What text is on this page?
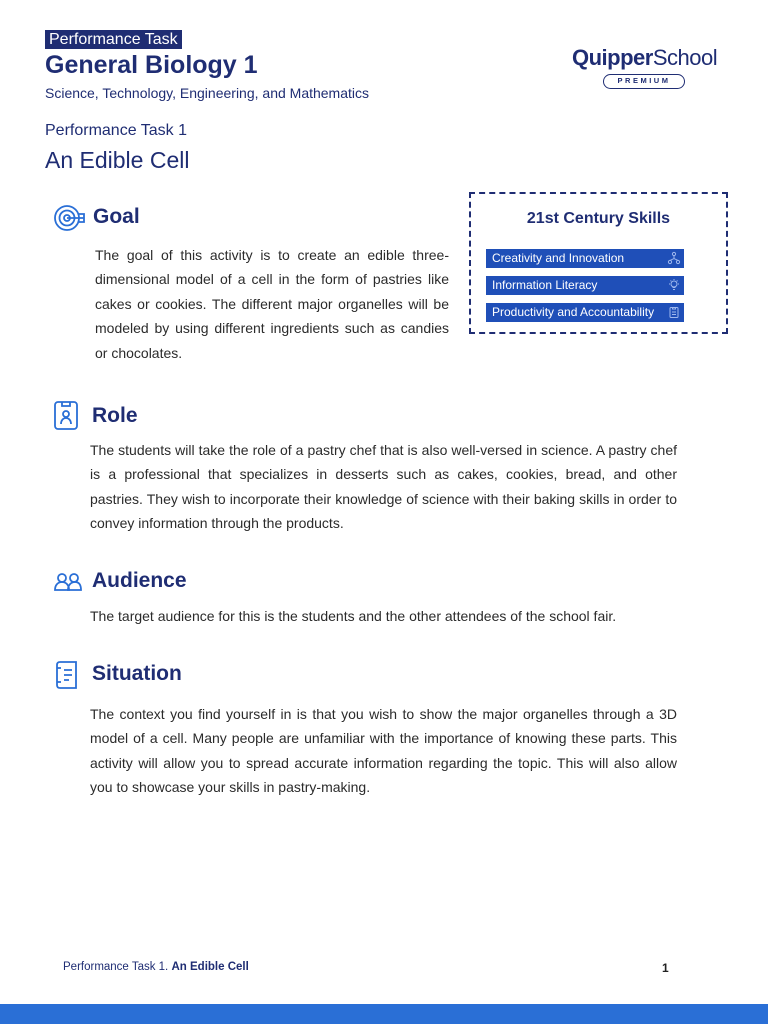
Performance Task
General Biology 1
Science, Technology, Engineering, and Mathematics
Performance Task 1
An Edible Cell
QuipperSchool
PREMIUM
21st Century Skills
Creativity and Innovation
Information Literacy
Productivity and Accountability
Goal
The goal of this activity is to create an edible three-dimensional model of a cell in the form of pastries like cakes or cookies. The different major organelles will be modeled by using different ingredients such as candies or chocolates.
Role
The students will take the role of a pastry chef that is also well-versed in science. A pastry chef is a professional that specializes in desserts such as cakes, cookies, bread, and other pastries. They wish to incorporate their knowledge of science with their baking skills in order to convey information through the products.
Audience
The target audience for this is the students and the other attendees of the school fair.
Situation
The context you find yourself in is that you wish to show the major organelles through a 3D model of a cell. Many people are unfamiliar with the importance of knowing these parts. This activity will allow you to spread accurate information regarding the topic. This will also allow you to showcase your skills in pastry-making.
Performance Task 1. An Edible Cell	1
